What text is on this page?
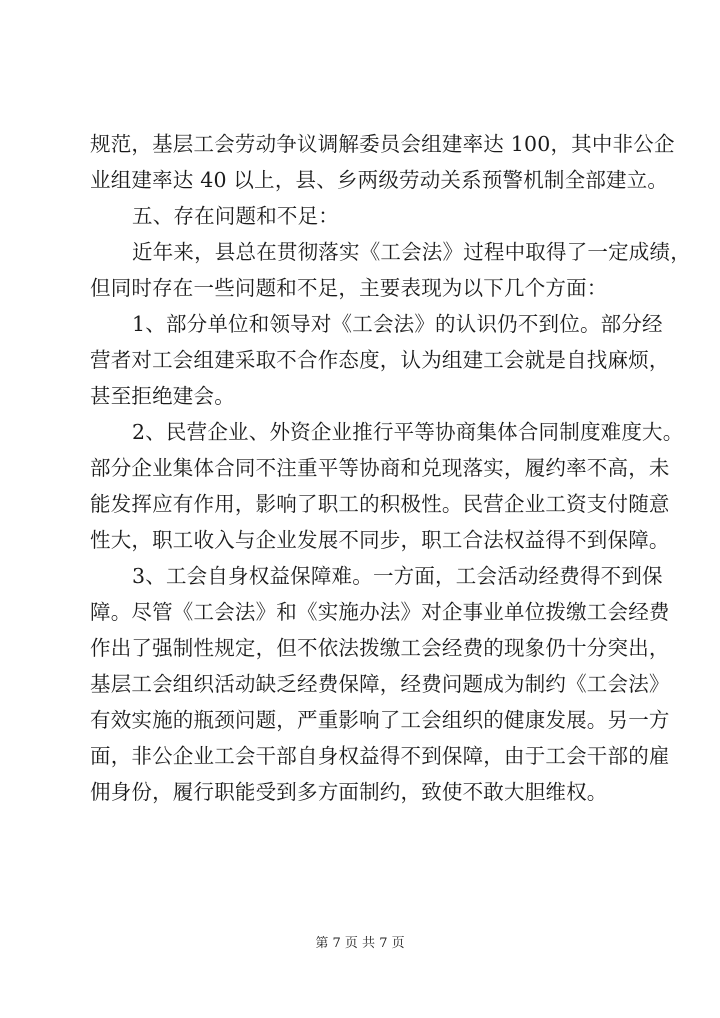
规范，基层工会劳动争议调解委员会组建率达 100，其中非公企
业组建率达 40 以上，县、乡两级劳动关系预警机制全部建立。
五、存在问题和不足：
近年来，县总在贯彻落实《工会法》过程中取得了一定成绩，
但同时存在一些问题和不足，主要表现为以下几个方面：
1、部分单位和领导对《工会法》的认识仍不到位。部分经
营者对工会组建采取不合作态度，认为组建工会就是自找麻烦，
甚至拒绝建会。
2、民营企业、外资企业推行平等协商集体合同制度难度大。
部分企业集体合同不注重平等协商和兑现落实，履约率不高，未
能发挥应有作用，影响了职工的积极性。民营企业工资支付随意
性大，职工收入与企业发展不同步，职工合法权益得不到保障。
3、工会自身权益保障难。一方面，工会活动经费得不到保
障。尽管《工会法》和《实施办法》对企事业单位拨缴工会经费
作出了强制性规定，但不依法拨缴工会经费的现象仍十分突出，
基层工会组织活动缺乏经费保障，经费问题成为制约《工会法》
有效实施的瓶颈问题，严重影响了工会组织的健康发展。另一方
面，非公企业工会干部自身权益得不到保障，由于工会干部的雇
佣身份，履行职能受到多方面制约，致使不敢大胆维权。
第 7 页 共 7 页
